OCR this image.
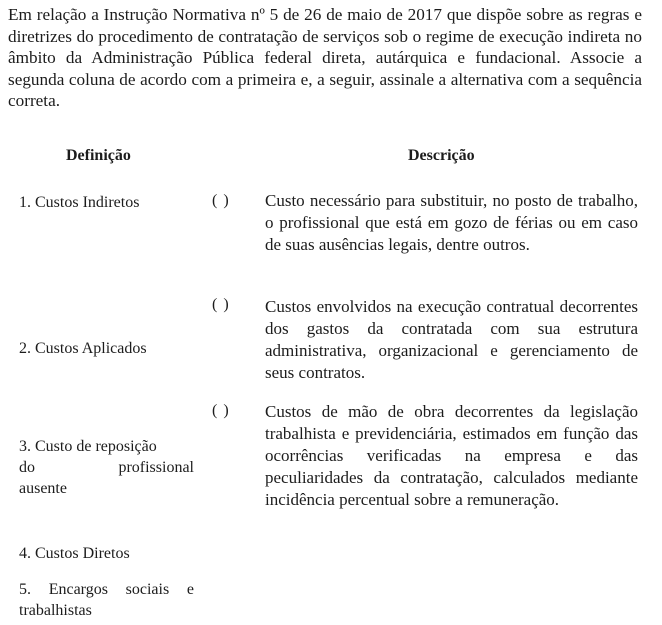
Em relação a Instrução Normativa nº 5 de 26 de maio de 2017 que dispõe sobre as regras e diretrizes do procedimento de contratação de serviços sob o regime de execução indireta no âmbito da Administração Pública federal direta, autárquica e fundacional. Associe a segunda coluna de acordo com a primeira e, a seguir, assinale a alternativa com a sequência correta.
Definição	Descrição
1. Custos Indiretos
2. Custos Aplicados
3. Custo de reposição
do profissional
ausente
4. Custos Diretos
5. Encargos sociais e
trabalhistas
( )
( )
( )
Custo necessário para substituir, no posto de trabalho, o profissional que está em gozo de férias ou em caso de suas ausências legais, dentre outros.
Custos envolvidos na execução contratual decorrentes dos gastos da contratada com sua estrutura administrativa, organizacional e gerenciamento de seus contratos.
Custos de mão de obra decorrentes da legislação trabalhista e previdenciária, estimados em função das ocorrências verificadas na empresa e das peculiaridades da contratação, calculados mediante incidência percentual sobre a remuneração.
